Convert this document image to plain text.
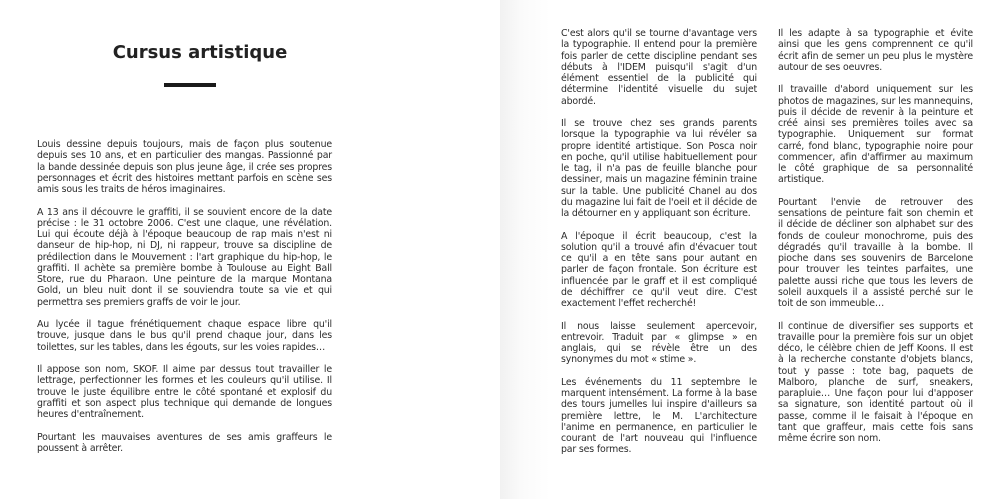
Cursus artistique

Louis dessine depuis toujours, mais de façon plus soutenue depuis ses 10 ans, et en particulier des mangas. Passionné par la bande dessinée depuis son plus jeune âge, il crée ses propres personnages et écrit des histoires mettant parfois en scène ses amis sous les traits de héros imaginaires.

A 13 ans il découvre le graffiti, il se souvient encore de la date précise : le 31 octobre 2006. C'est une claque, une révélation. Lui qui écoute déjà à l'époque beaucoup de rap mais n'est ni danseur de hip-hop, ni DJ, ni rappeur, trouve sa discipline de prédilection dans le Mouvement : l'art graphique du hip-hop, le graffiti. Il achète sa première bombe à Toulouse au Eight Ball Store, rue du Pharaon. Une peinture de la marque Montana Gold, un bleu nuit dont il se souviendra toute sa vie et qui permettra ses premiers graffs de voir le jour.

Au lycée il tague frénétiquement chaque espace libre qu'il trouve, jusque dans le bus qu'il prend chaque jour, dans les toilettes, sur les tables, dans les égouts, sur les voies rapides…

Il appose son nom, SKOF. Il aime par dessus tout travailler le lettrage, perfectionner les formes et les couleurs qu'il utilise. Il trouve le juste équilibre entre le côté spontané et explosif du graffiti et son aspect plus technique qui demande de longues heures d'entraînement.

Pourtant les mauvaises aventures de ses amis graffeurs le poussent à arrêter.

C'est alors qu'il se tourne d'avantage vers la typographie. Il entend pour la première fois parler de cette discipline pendant ses débuts à l'IDEM puisqu'il s'agit d'un élément essentiel de la publicité qui détermine l'identité visuelle du sujet abordé.

Il se trouve chez ses grands parents lorsque la typographie va lui révéler sa propre identité artistique. Son Posca noir en poche, qu'il utilise habituellement pour le tag, il n'a pas de feuille blanche pour dessiner, mais un magazine féminin traine sur la table. Une publicité Chanel au dos du magazine lui fait de l'oeil et il décide de la détourner en y appliquant son écriture.

A l'époque il écrit beaucoup, c'est la solution qu'il a trouvé afin d'évacuer tout ce qu'il a en tête sans pour autant en parler de façon frontale. Son écriture est influencée par le graff et il est compliqué de déchiffrer ce qu'il veut dire. C'est exactement l'effet recherché!

Il nous laisse seulement apercevoir, entrevoir. Traduit par « glimpse » en anglais, qui se révèle être un des synonymes du mot « stime ».

Les événements du 11 septembre le marquent intensément. La forme à la base des tours jumelles lui inspire d'ailleurs sa première lettre, le M. L'architecture l'anime en permanence, en particulier le courant de l'art nouveau qui l'influence par ses formes.

Il les adapte à sa typographie et évite ainsi que les gens comprennent ce qu'il écrit afin de semer un peu plus le mystère autour de ses oeuvres.

Il travaille d'abord uniquement sur les photos de magazines, sur les mannequins, puis il décide de revenir à la peinture et créé ainsi ses premières toiles avec sa typographie. Uniquement sur format carré, fond blanc, typographie noire pour commencer, afin d'affirmer au maximum le côté graphique de sa personnalité artistique.

Pourtant l'envie de retrouver des sensations de peinture fait son chemin et il décide de décliner son alphabet sur des fonds de couleur monochrome, puis des dégradés qu'il travaille à la bombe. Il pioche dans ses souvenirs de Barcelone pour trouver les teintes parfaites, une palette aussi riche que tous les levers de soleil auxquels il a assisté perché sur le toit de son immeuble…

Il continue de diversifier ses supports et travaille pour la première fois sur un objet déco, le célèbre chien de Jeff Koons. Il est à la recherche constante d'objets blancs, tout y passe : tote bag, paquets de Malboro, planche de surf, sneakers, parapluie… Une façon pour lui d'apposer sa signature, son identité partout où il passe, comme il le faisait à l'époque en tant que graffeur, mais cette fois sans même écrire son nom.
